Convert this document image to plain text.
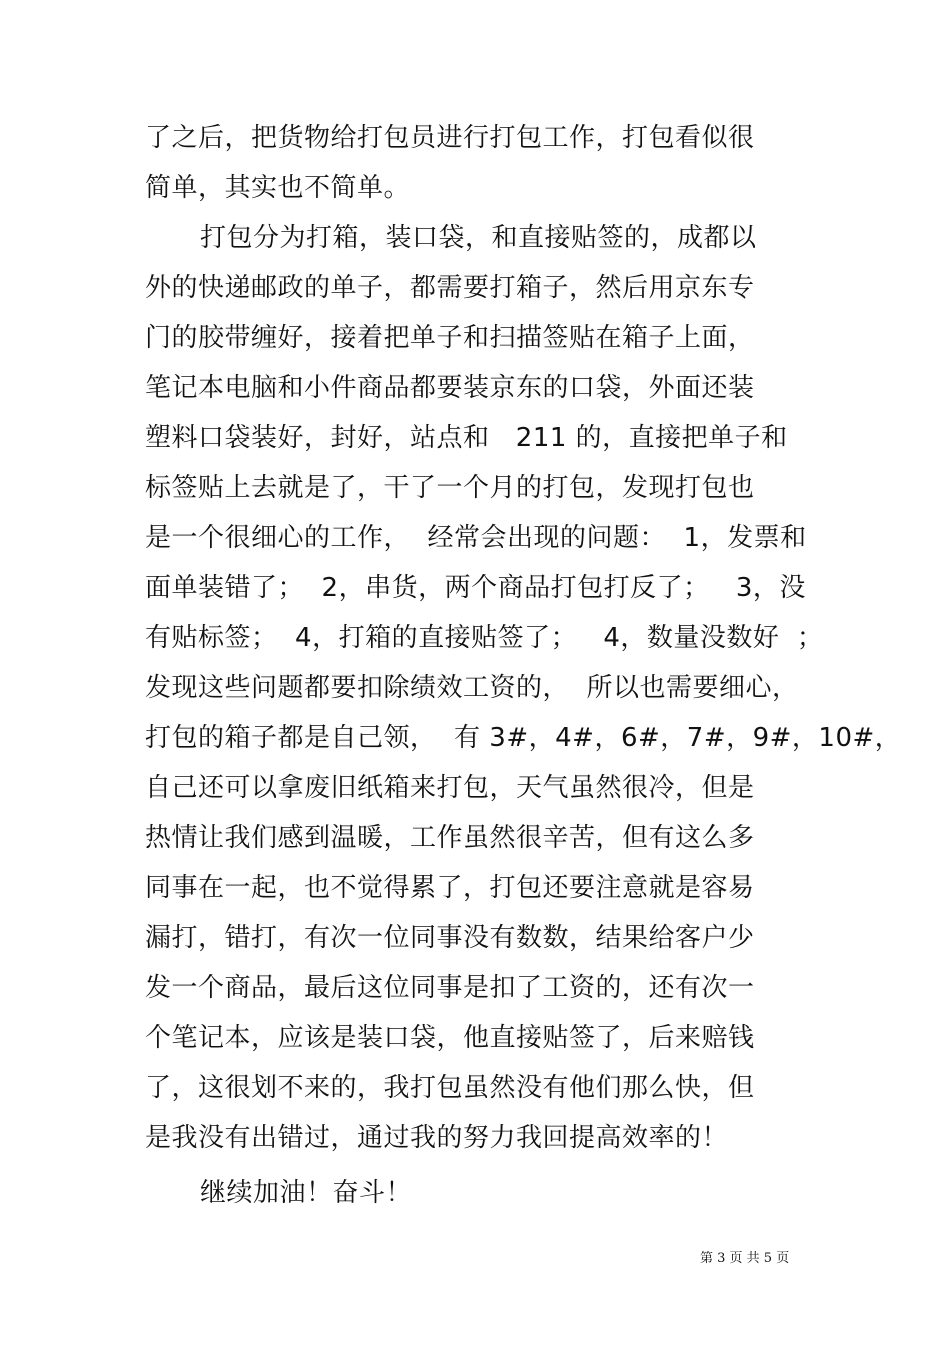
了之后，把货物给打包员进行打包工作，打包看似很
简单，其实也不简单。
打包分为打箱，装口袋，和直接贴签的，成都以
外的快递邮政的单子，都需要打箱子，然后用京东专
门的胶带缠好，接着把单子和扫描签贴在箱子上面，
笔记本电脑和小件商品都要装京东的口袋，外面还装
塑料口袋装好，封好，站点和   211 的，直接把单子和
标签贴上去就是了，干了一个月的打包，发现打包也
是一个很细心的工作，  经常会出现的问题：  1，发票和
面单装错了；  2，串货，两个商品打包打反了；   3，没
有贴标签；  4，打箱的直接贴签了；   4，数量没数好  ；
发现这些问题都要扣除绩效工资的，  所以也需要细心，
打包的箱子都是自己领，  有 3#，4#，6#，7#，9#，10#，
自己还可以拿废旧纸箱来打包，天气虽然很冷，但是
热情让我们感到温暖，工作虽然很辛苦，但有这么多
同事在一起，也不觉得累了，打包还要注意就是容易
漏打，错打，有次一位同事没有数数，结果给客户少
发一个商品，最后这位同事是扣了工资的，还有次一
个笔记本，应该是装口袋，他直接贴签了，后来赔钱
了，这很划不来的，我打包虽然没有他们那么快，但
是我没有出错过，通过我的努力我回提高效率的！
继续加油！奋斗！
第 3 页 共 5 页
